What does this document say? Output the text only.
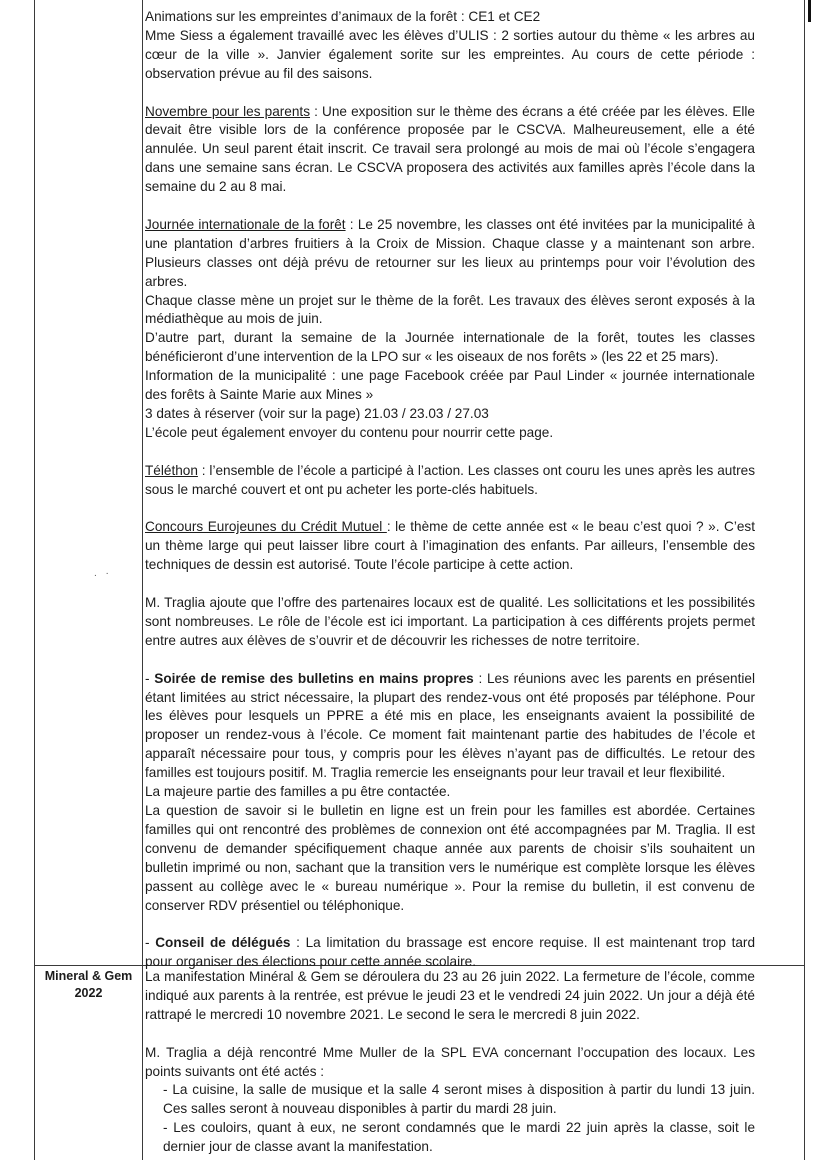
. ·
Mineral & Gem 2022

Animations sur les empreintes d’animaux de la forêt : CE1 et CE2

Mme Siess a également travaillé avec les élèves d’ULIS : 2 sorties autour du thème « les arbres au cœur de la ville ». Janvier également sorite sur les empreintes. Au cours de cette période : observation prévue au fil des saisons.

Novembre pour les parents : Une exposition sur le thème des écrans a été créée par les élèves. Elle devait être visible lors de la conférence proposée par le CSCVA. Malheureusement, elle a été annulée. Un seul parent était inscrit. Ce travail sera prolongé au mois de mai où l’école s’engagera dans une semaine sans écran. Le CSCVA proposera des activités aux familles après l’école dans la semaine du 2 au 8 mai.

Journée internationale de la forêt : Le 25 novembre, les classes ont été invitées par la municipalité à une plantation d’arbres fruitiers à la Croix de Mission. Chaque classe y a maintenant son arbre. Plusieurs classes ont déjà prévu de retourner sur les lieux au printemps pour voir l’évolution des arbres.

Chaque classe mène un projet sur le thème de la forêt. Les travaux des élèves seront exposés à la médiathèque au mois de juin.

D’autre part, durant la semaine de la Journée internationale de la forêt, toutes les classes bénéficieront d’une intervention de la LPO sur « les oiseaux de nos forêts » (les 22 et 25 mars).

Information de la municipalité : une page Facebook créée par Paul Linder « journée internationale des forêts à Sainte Marie aux Mines »

3 dates à réserver (voir sur la page) 21.03 / 23.03 / 27.03

L’école peut également envoyer du contenu pour nourrir cette page.

Téléthon : l’ensemble de l’école a participé à l’action. Les classes ont couru les unes après les autres sous le marché couvert et ont pu acheter les porte-clés habituels.

Concours Eurojeunes du Crédit Mutuel : le thème de cette année est « le beau c’est quoi ? ». C’est un thème large qui peut laisser libre court à l’imagination des enfants. Par ailleurs, l’ensemble des techniques de dessin est autorisé. Toute l’école participe à cette action.

M. Traglia ajoute que l’offre des partenaires locaux est de qualité. Les sollicitations et les possibilités sont nombreuses. Le rôle de l’école est ici important. La participation à ces différents projets permet entre autres aux élèves de s’ouvrir et de découvrir les richesses de notre territoire.

- Soirée de remise des bulletins en mains propres : Les réunions avec les parents en présentiel étant limitées au strict nécessaire, la plupart des rendez-vous ont été proposés par téléphone. Pour les élèves pour lesquels un PPRE a été mis en place, les enseignants avaient la possibilité de proposer un rendez-vous à l’école. Ce moment fait maintenant partie des habitudes de l’école et apparaît nécessaire pour tous, y compris pour les élèves n’ayant pas de difficultés. Le retour des familles est toujours positif. M. Traglia remercie les enseignants pour leur travail et leur flexibilité.

La majeure partie des familles a pu être contactée.

La question de savoir si le bulletin en ligne est un frein pour les familles est abordée. Certaines familles qui ont rencontré des problèmes de connexion ont été accompagnées par M. Traglia. Il est convenu de demander spécifiquement chaque année aux parents de choisir s’ils souhaitent un bulletin imprimé ou non, sachant que la transition vers le numérique est complète lorsque les élèves passent au collège avec le « bureau numérique ». Pour la remise du bulletin, il est convenu de conserver RDV présentiel ou téléphonique.

- Conseil de délégués : La limitation du brassage est encore requise. Il est maintenant trop tard pour organiser des élections pour cette année scolaire.

La manifestation Minéral & Gem se déroulera du 23 au 26 juin 2022. La fermeture de l’école, comme indiqué aux parents à la rentrée, est prévue le jeudi 23 et le vendredi 24 juin 2022. Un jour a déjà été rattrapé le mercredi 10 novembre 2021. Le second le sera le mercredi 8 juin 2022.

M. Traglia a déjà rencontré Mme Muller de la SPL EVA concernant l’occupation des locaux. Les points suivants ont été actés :

- La cuisine, la salle de musique et la salle 4 seront mises à disposition à partir du lundi 13 juin. Ces salles seront à nouveau disponibles à partir du mardi 28 juin.

- Les couloirs, quant à eux, ne seront condamnés que le mardi 22 juin après la classe, soit le dernier jour de classe avant la manifestation.
